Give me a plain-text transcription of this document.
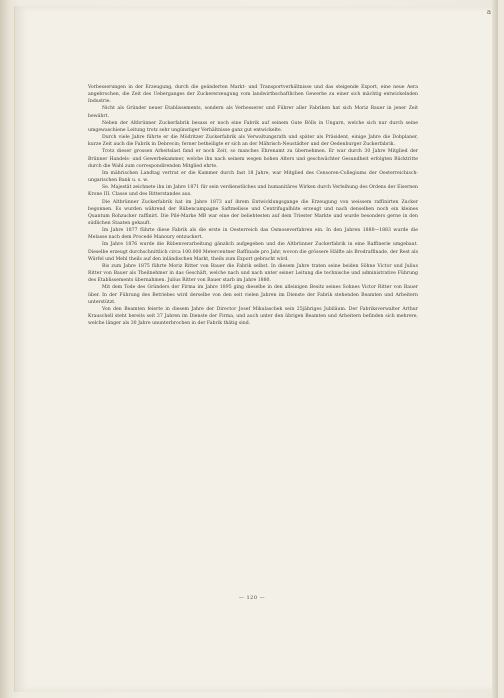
a

Vorbesserungen in der Erzeugung, durch die geänderten Markt- und Transportverhältnisse und das steigende Export, eine neue Aera angebrochen, die Zeit des Ueberganges der Zuckererzeugung vom landwirthschaftlichen Gewerbe zu einer sich mächtig entwickelnden Industrie.

Nicht als Gründer neuer Etablissements, sondern als Verbesserer und Führer aller Fabriken hat sich Moriz Bauer in jener Zeit bewährt.

Neben der Altbrünner Zuckerfabrik besass er noch eine Fabrik auf seinem Gute Bölls in Ungarn, welche sich nur durch seine umgewaschiene Leitung trotz sehr ungünstiger Verhältnisse ganz gut entwickelte.

Durch viele Jahre führte er die Mödritzer Zuckerfabrik als Verwaltungsrath und später als Präsident, einige Jahre die Dobplaner, kurze Zeit auch die Fabrik in Debrecin; ferner betheiligte er sich an der Mährisch-Neustädter und der Oedenburger Zuckerfabrik.

Trotz dieser grossen Arbeitslast fand er noch Zeit, so manches Ehrenamt zu übernehmen. Er war durch 30 Jahre Mitglied der Brünner Handels- und Gewerbekammer, welche ihn nach seinem wegen hohen Alters und geschwächter Gesundheit erfolgten Rücktritte durch die Wahl zum correspondirenden Mitglied ehrte.

Im mährischen Landtag vertrat er die Kammer durch fast 18 Jahre, war Mitglied des Censoren-Collegiums der Oesterreichisch-ungarischen Bank u. s. w.

Se. Majestät zeichnete ihn im Jahre 1871 für sein verdienstliches und humanitäres Wirken durch Verleihung des Ordens der Eisernen Krone III. Classe und des Ritterstandes aus.

Die Altbrünner Zuckerfabrik hat im Jahre 1873 auf ihrem Entwicklungsgange die Erzeugung von weissem raffinirten Zucker begonnen. Es wurden während der Rübencampagne Saftmelisse und Centrifugalhüte erzeugt und nach denselben noch ein kleines Quantum Rohzucker raffinirt. Die Pilé-Marke MB war eine der beliebtesten auf dem Triester Markte und wurde besonders gerne in den südlichen Staaten gekauft.

Im Jahre 1877 führte diese Fabrik als die erste in Oesterreich das Osmoseverfahren ein. In den Jahren 1880—1883 wurde die Melasse nach dem Procedé Manoury entzuckert.

Im Jahre 1876 wurde die Rübenverarbeitung gänzlich aufgegeben und die Altbrünner Zuckerfabrik in eine Raffinerie umgebaut. Dieselbe erzeugt durchschnittlich circa 100.000 Metercentner Raffinade pro Jahr, wovon die grössere Hälfte als Brodraffinade, der Rest als Würfel und Mehl theils auf den inländischen Markt, theils zum Export gebracht wird.

Bis zum Jahre 1875 führte Moriz Ritter von Bauer die Fabrik selbst. In diesem Jahre traten seine beiden Söhne Victor und Julius Ritter von Bauer als Theilnehmer in das Geschäft, welche nach und nach unter seiner Leitung die technische und administrative Führung des Etablissements übernahmen. Julius Ritter von Bauer starb im Jahre 1880.

Mit dem Tode des Gründers der Firma im Jahre 1895 ging dieselbe in den alleinigen Besitz seines Sohnes Victor Ritter von Bauer über. In der Führung des Betriebes wird derselbe von den seit vielen Jahren im Dienste der Fabrik stehenden Beamten und Arbeitern unterstützt.

Von den Beamten feierte in diesem Jahre der Director Josef Mikulaschek sein 25jähriges Jubiläum. Der Fabriksverwalter Arthur Krauschell steht bereits seit 37 Jahren im Dienste der Firma, und auch unter den übrigen Beamten und Arbeitern befinden sich mehrere, welche länger als 30 Jahre ununterbrochen in der Fabrik thätig sind.

— 120 —
